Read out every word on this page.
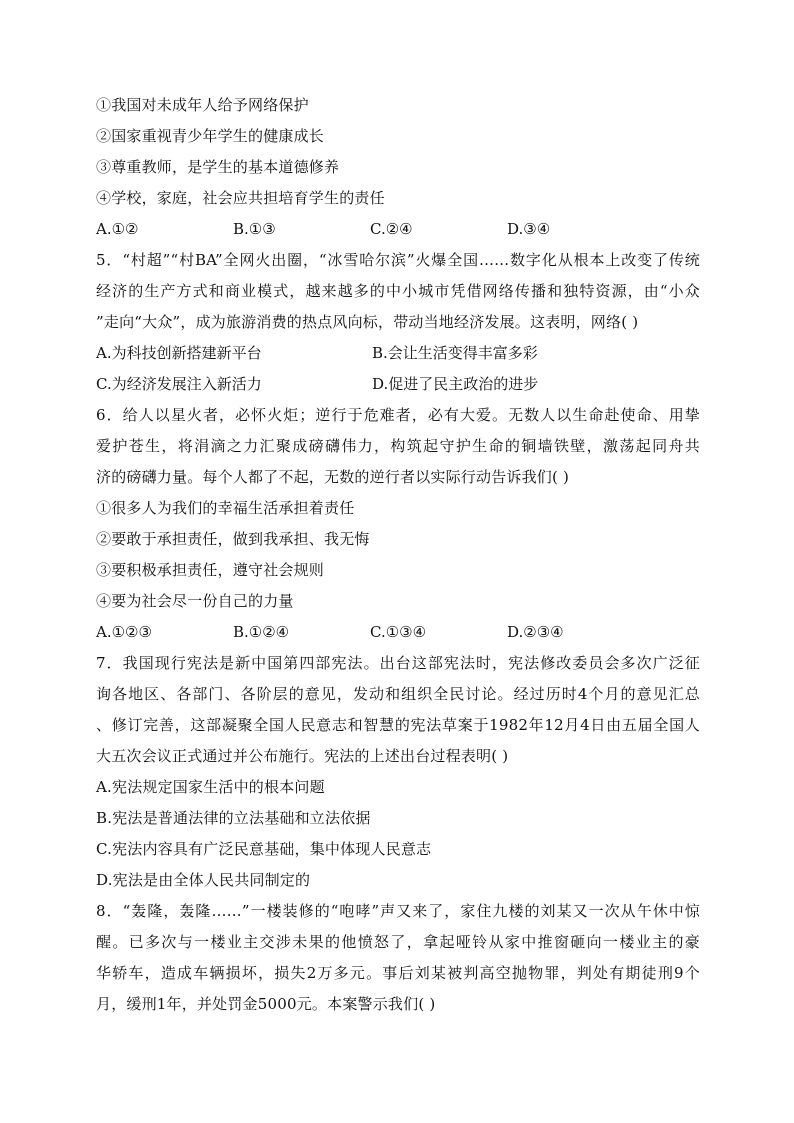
①我国对未成年人给予网络保护
②国家重视青少年学生的健康成长
③尊重教师，是学生的基本道德修养
④学校，家庭，社会应共担培育学生的责任
A.①②	B.①③	C.②④	D.③④
5．“村超”“村BA”全网火出圈，“冰雪哈尔滨”火爆全国……数字化从根本上改变了传统
经济的生产方式和商业模式，越来越多的中小城市凭借网络传播和独特资源，由“小众
”走向“大众”，成为旅游消费的热点风向标，带动当地经济发展。这表明，网络( )
A.为科技创新搭建新平台	B.会让生活变得丰富多彩
C.为经济发展注入新活力	D.促进了民主政治的进步
6．给人以星火者，必怀火炬；逆行于危难者，必有大爱。无数人以生命赴使命、用挚
爱护苍生，将涓滴之力汇聚成磅礴伟力，构筑起守护生命的铜墙铁壁，激荡起同舟共
济的磅礴力量。每个人都了不起，无数的逆行者以实际行动告诉我们( )
①很多人为我们的幸福生活承担着责任
②要敢于承担责任，做到我承担、我无悔
③要积极承担责任，遵守社会规则
④要为社会尽一份自己的力量
A.①②③	B.①②④	C.①③④	D.②③④
7．我国现行宪法是新中国第四部宪法。出台这部宪法时，宪法修改委员会多次广泛征
询各地区、各部门、各阶层的意见，发动和组织全民讨论。经过历时4个月的意见汇总
、修订完善，这部凝聚全国人民意志和智慧的宪法草案于1982年12月4日由五届全国人
大五次会议正式通过并公布施行。宪法的上述出台过程表明( )
A.宪法规定国家生活中的根本问题
B.宪法是普通法律的立法基础和立法依据
C.宪法内容具有广泛民意基础，集中体现人民意志
D.宪法是由全体人民共同制定的
8．“轰隆，轰隆……”一楼装修的“咆哮”声又来了，家住九楼的刘某又一次从午休中惊
醒。已多次与一楼业主交涉未果的他愤怒了，拿起哑铃从家中推窗砸向一楼业主的豪
华轿车，造成车辆损坏，损失2万多元。事后刘某被判高空抛物罪，判处有期徒刑9个
月，缓刑1年，并处罚金5000元。本案警示我们( )
